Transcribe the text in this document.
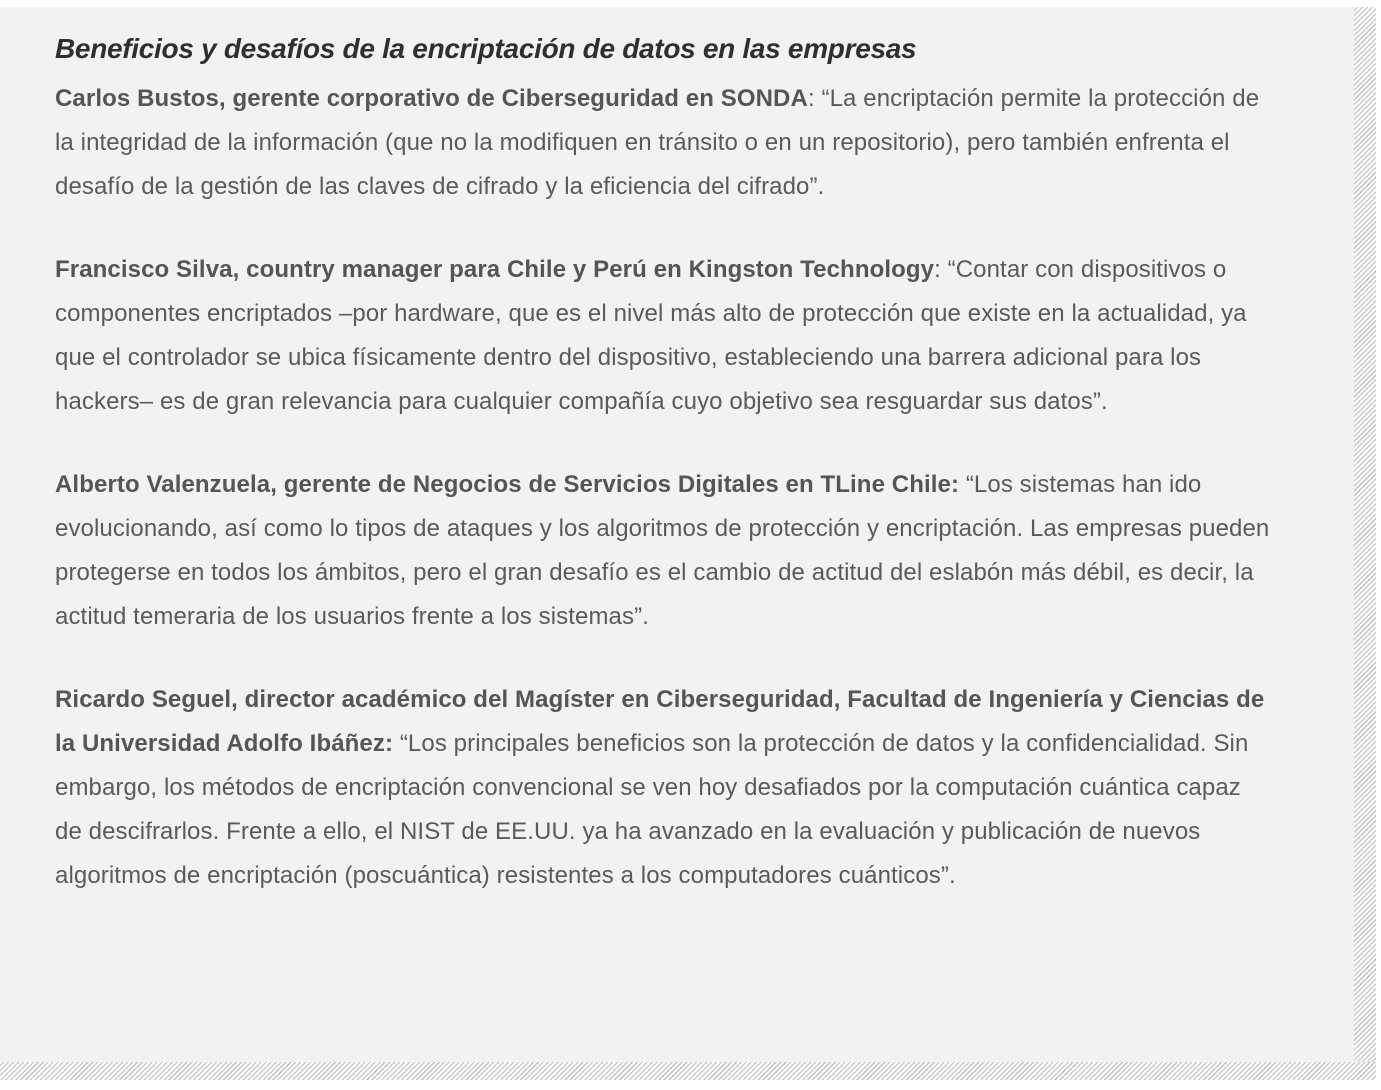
Beneficios y desafíos de la encriptación de datos en las empresas

Carlos Bustos, gerente corporativo de Ciberseguridad en SONDA: “La encriptación permite la protección de la integridad de la información (que no la modifiquen en tránsito o en un repositorio), pero también enfrenta el desafío de la gestión de las claves de cifrado y la eficiencia del cifrado”.

Francisco Silva, country manager para Chile y Perú en Kingston Technology: “Contar con dispositivos o componentes encriptados –por hardware, que es el nivel más alto de protección que existe en la actualidad, ya que el controlador se ubica físicamente dentro del dispositivo, estableciendo una barrera adicional para los hackers– es de gran relevancia para cualquier compañía cuyo objetivo sea resguardar sus datos”.

Alberto Valenzuela, gerente de Negocios de Servicios Digitales en TLine Chile: “Los sistemas han ido evolucionando, así como lo tipos de ataques y los algoritmos de protección y encriptación. Las empresas pueden protegerse en todos los ámbitos, pero el gran desafío es el cambio de actitud del eslabón más débil, es decir, la actitud temeraria de los usuarios frente a los sistemas”.

Ricardo Seguel, director académico del Magíster en Ciberseguridad, Facultad de Ingeniería y Ciencias de la Universidad Adolfo Ibáñez: “Los principales beneficios son la protección de datos y la confidencialidad. Sin embargo, los métodos de encriptación convencional se ven hoy desafiados por la computación cuántica capaz de descifrarlos. Frente a ello, el NIST de EE.UU. ya ha avanzado en la evaluación y publicación de nuevos algoritmos de encriptación (poscuántica) resistentes a los computadores cuánticos”.
